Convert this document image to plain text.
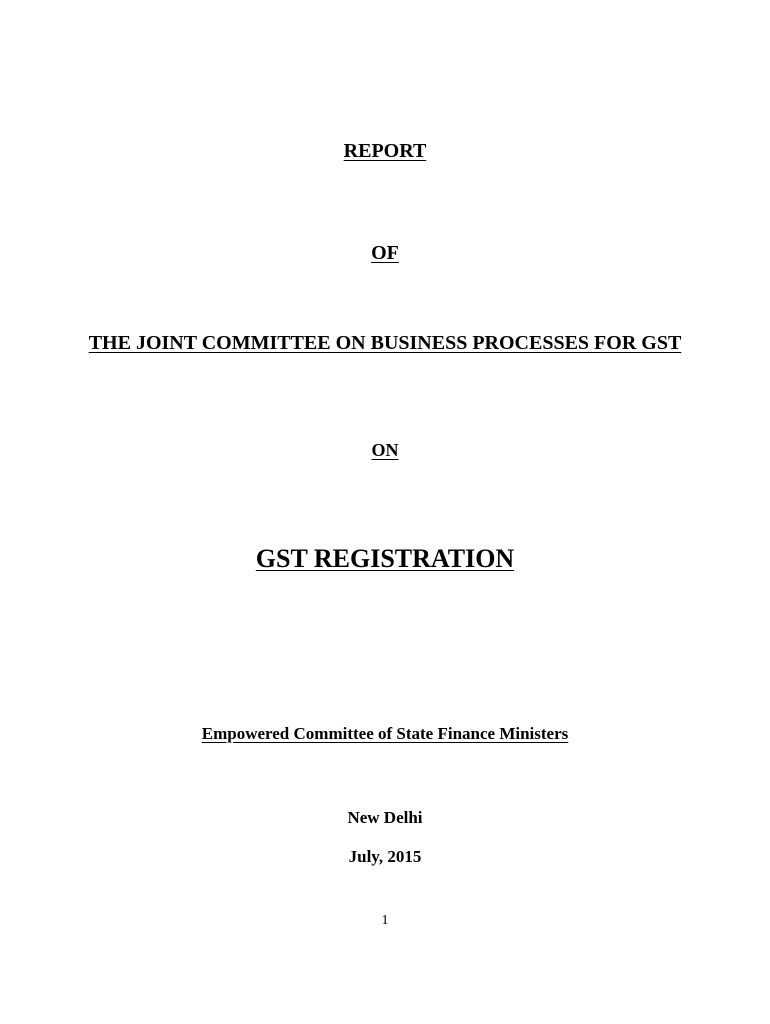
REPORT
OF
THE JOINT COMMITTEE ON BUSINESS PROCESSES FOR GST
ON
GST REGISTRATION
Empowered Committee of State Finance Ministers
New Delhi
July, 2015
1
